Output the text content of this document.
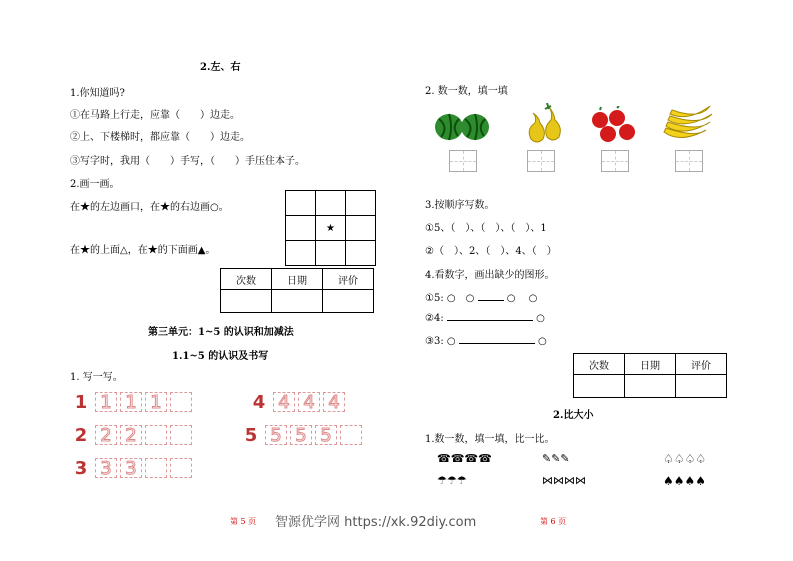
2.左、右
1.你知道吗?
①在马路上行走，应靠（　　）边走。
②上、下楼梯时，都应靠（　　）边走。
③写字时，我用（　　）手写，（　　）手压住本子。
2.画一画。
在★的左边画口，在★的右边画○。
在★的上面△，在★的下面画▲。

	★	

次数	日期	评价

第三单元：1~5 的认识和加减法
1.1~5 的认识及书写
1. 写一写。
1 1 1 1
2 2 2
3 3 3
4 4 4 4
5 5 5 5
2. 数一数，填一填
3.按顺序写数。
①5、（　）、（　）、（　）、1
②（　）、2、（　）、4、（　）
4.看数字，画出缺少的图形。
①5: ○　○	○　 ○
②4:	○
③3: ○	○
次数	日期	评价

2.比大小
1.数一数，填一填，比一比。
☎☎☎☎	✎✎✎	♤♤♤♤
☂☂☂	⋈⋈⋈⋈	♠♠♠♠
第 5 页 智源优学网 https://xk.92diy.com	第 6 页
